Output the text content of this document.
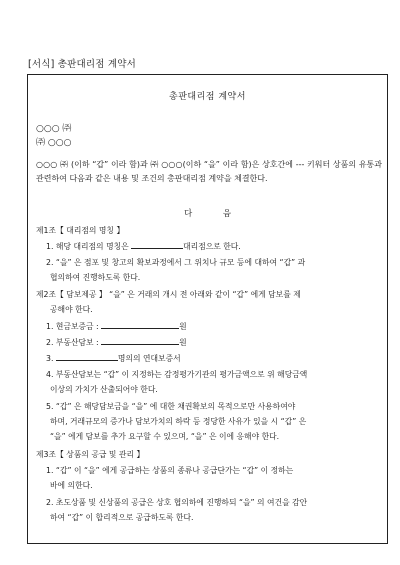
[서식] 총판대리점 계약서
총판대리점 계약서
○○○ ㈜
㈜ ○○○
○○○ ㈜ (이하 “갑” 이라 함)과 ㈜ ○○○(이하 “을” 이라 함)은 상호간에 --- 키워터 상품의 유통과 관련하여 다음과 같은 내용 및 조건의 총판대리점 계약을 체결한다.
다 음
제1조【 대리점의 명칭 】
1. 해당 대리점의 명칭은	대리점으로 한다.
2. “을” 은 점포 및 창고의 확보과정에서 그 위치나 규모 등에 대하여 “갑” 과
협의하여 진행하도록 한다.
제2조【 담보제공 】 “을” 은 거래의 개시 전 아래와 같이 “갑” 에게 담보를 제
공해야 한다.
1. 현금보증금 :	원
2. 부동산담보 :	원
3.	명의의 연대보증서
4. 부동산담보는 “갑” 이 지정하는 감정평가기관의 평가금액으로 위 해당금액
이상의 가치가 산출되어야 한다.
5. “갑” 은 해당담보금을 “을” 에 대한 채권확보의 목적으로만 사용하여야
하며, 거래규모의 증가나 담보가치의 하락 등 정당한 사유가 있을 시 “갑” 은
“을” 에게 담보를 추가 요구할 수 있으며, “을” 은 이에 응해야 한다.
제3조【 상품의 공급 및 관리 】
1. “갑” 이 “을” 에게 공급하는 상품의 종류나 공급단가는 “갑” 이 정하는
바에 의한다.
2. 초도상품 및 신상품의 공급은 상호 협의하에 진행하되 “을” 의 여건을 감안
하여 “갑” 이 합리적으로 공급하도록 한다.
